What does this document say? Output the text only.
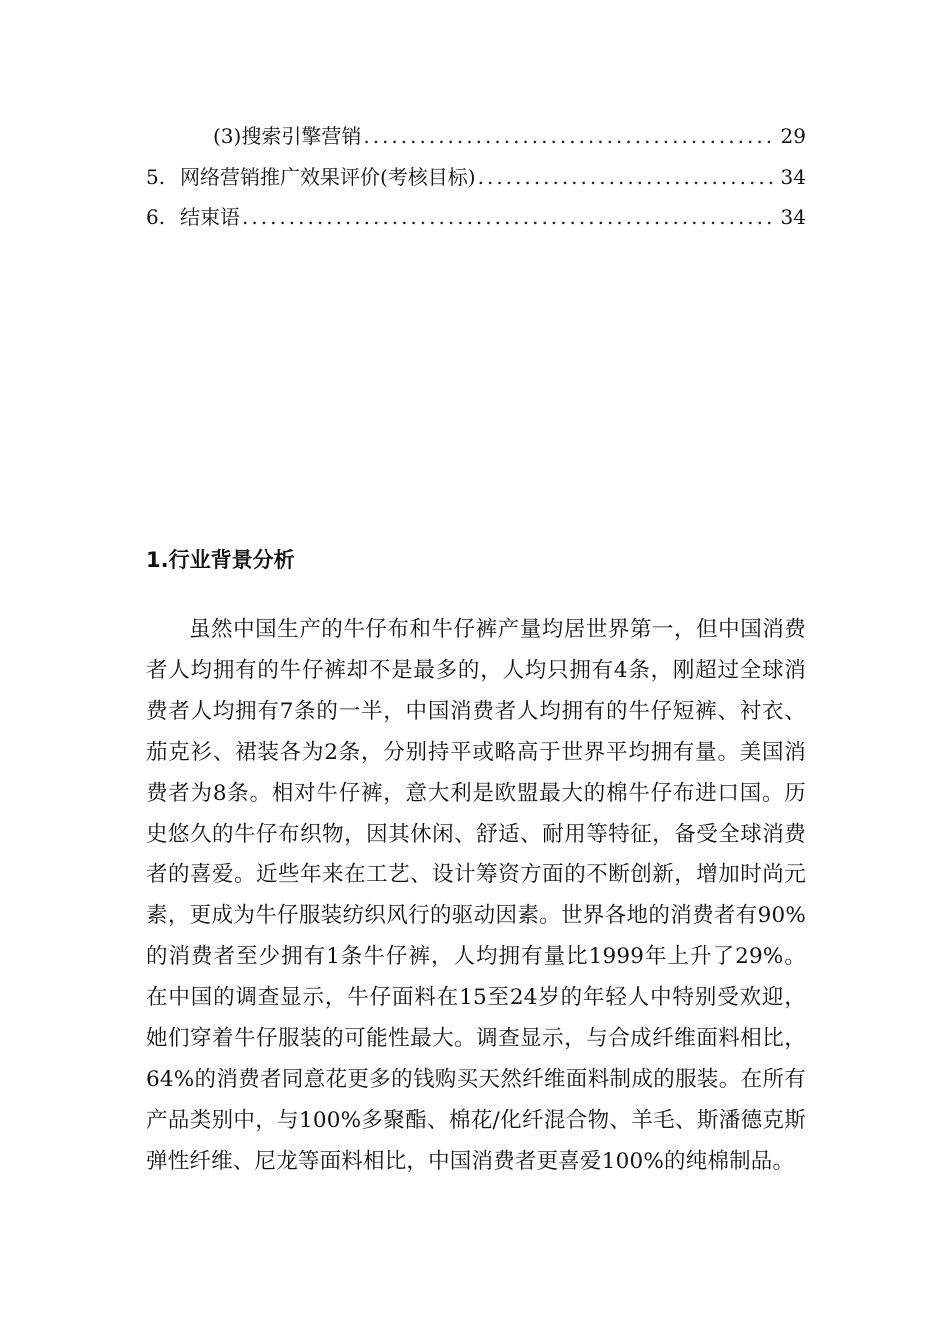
(3)搜索引擎营销 .....	29
5. 网络营销推广效果评价(考核目标) .....	34
6. 结束语 .....	34
1.行业背景分析

虽然中国生产的牛仔布和牛仔裤产量均居世界第一，但中国消费者人均拥有的牛仔裤却不是最多的，人均只拥有4条，刚超过全球消费者人均拥有7条的一半，中国消费者人均拥有的牛仔短裤、衬衣、茄克衫、裙装各为2条，分别持平或略高于世界平均拥有量。美国消费者为8条。相对牛仔裤，意大利是欧盟最大的棉牛仔布进口国。历史悠久的牛仔布织物，因其休闲、舒适、耐用等特征，备受全球消费者的喜爱。近些年来在工艺、设计筹资方面的不断创新，增加时尚元素，更成为牛仔服装纺织风行的驱动因素。世界各地的消费者有90%的消费者至少拥有1条牛仔裤，人均拥有量比1999年上升了29%。在中国的调查显示，牛仔面料在15至24岁的年轻人中特别受欢迎，她们穿着牛仔服装的可能性最大。调查显示，与合成纤维面料相比，64%的消费者同意花更多的钱购买天然纤维面料制成的服装。在所有产品类别中，与100%多聚酯、棉花/化纤混合物、羊毛、斯潘德克斯弹性纤维、尼龙等面料相比，中国消费者更喜爱100%的纯棉制品。
